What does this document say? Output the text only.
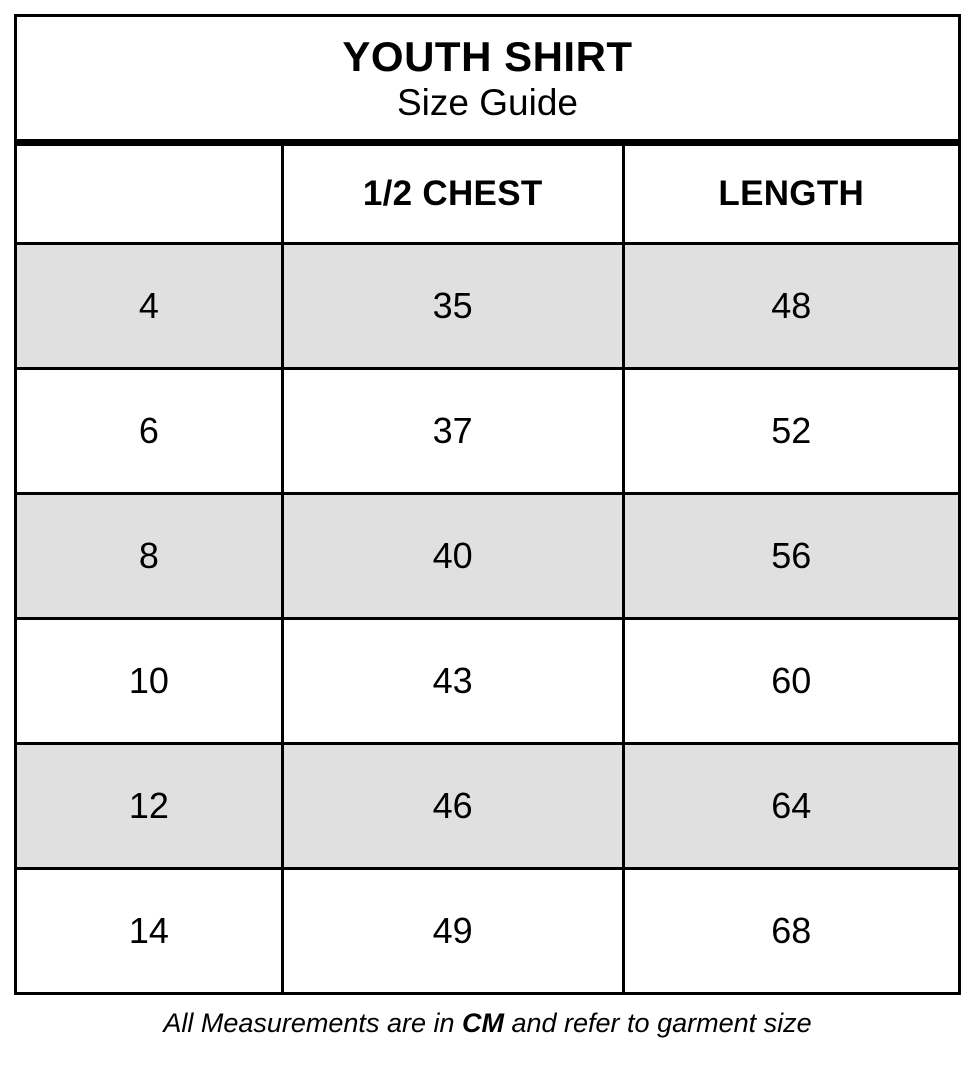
YOUTH SHIRT
Size Guide
	1/2 CHEST	LENGTH
4	35	48
6	37	52
8	40	56
10	43	60
12	46	64
14	49	68
All Measurements are in CM and refer to garment size
